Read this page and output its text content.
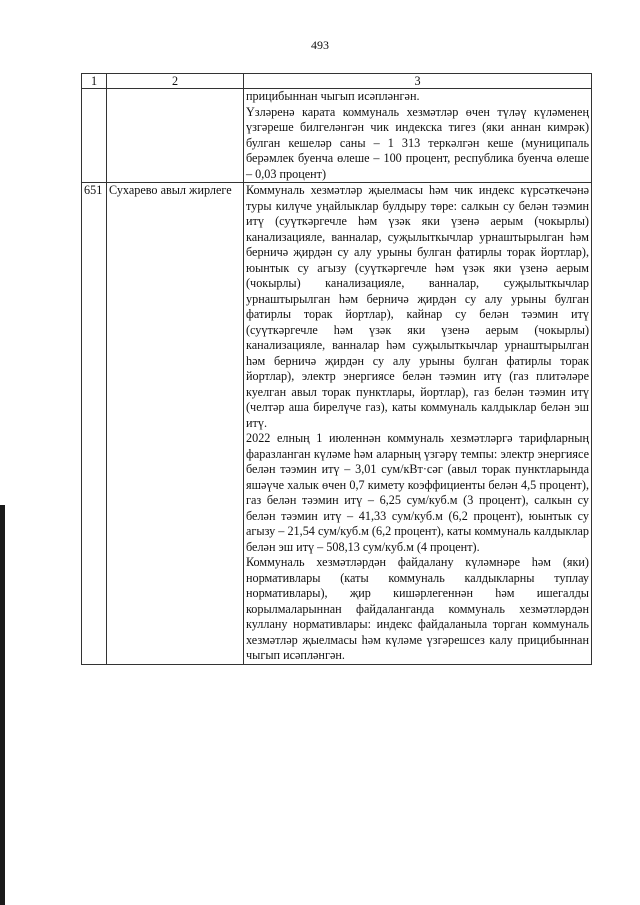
493
1	2	3

		прицибыннан чыгып исәпләнгән.

Үзләренә карата коммуналь хезмәтләр өчен түләү күләменең үзгәреше билгеләнгән чик индекска тигез (яки аннан кимрәк) булган кешеләр саны – 1 313 теркәлгән кеше (муниципаль берәмлек буенча өлеше – 100 процент, республика буенча өлеше – 0,03 процент)

651	Сухарево авыл жирлеге	Коммуналь хезмәтләр җыелмасы һәм чик индекс күрсәткечәнә туры килүче уңайлыклар булдыру төре: салкын су белән тәэмин итү (суүткәргечле һәм үзәк яки үзенә аерым (чокырлы) канализацияле, ванналар, суҗылыткычлар урнаштырылган һәм берничә җирдән су алу урыны булган фатирлы торак йортлар), юынтык су агызу (суүткәргечле һәм үзәк яки үзенә аерым (чокырлы) канализацияле, ванналар, суҗылыткычлар урнаштырылган һәм берничә җирдән су алу урыны булган фатирлы торак йортлар), кайнар су белән тәэмин итү (суүткәргечле һәм үзәк яки үзенә аерым (чокырлы) канализацияле, ванналар һәм суҗылыткычлар урнаштырылган һәм берничә җирдән су алу урыны булган фатирлы торак йортлар), электр энергиясе белән тәэмин итү (газ плитәләре куелган авыл торак пунктлары, йортлар), газ белән тәэмин итү (челтәр аша бирелүче газ), каты коммуналь калдыклар белән эш итү.

2022 елның 1 июленнән коммуналь хезмәтләргә тарифларның фаразланган күләме һәм аларның үзгәрү темпы: электр энергиясе белән тәэмин итү – 3,01 сум/кВт·сәг (авыл торак пунктларында яшәүче халык өчен 0,7 кимету коэффициенты белән 4,5 процент), газ белән тәэмин итү – 6,25 сум/куб.м (3 процент), салкын су белән тәэмин итү – 41,33 сум/куб.м (6,2 процент), юынтык су агызу – 21,54 сум/куб.м (6,2 процент), каты коммуналь калдыклар белән эш итү – 508,13 сум/куб.м (4 процент).

Коммуналь хезмәтләрдән файдалану күләмнәре һәм (яки) нормативлары (каты коммуналь калдыкларны туплау нормативлары), җир кишәрлегеннән һәм ишегалды корылмаларыннан файдаланганда коммуналь хезмәтләрдән куллану нормативлары: индекс файдаланыла торган коммуналь хезмәтләр җыелмасы һәм күләме үзгәрешсез калу прицибыннан чыгып исәпләнгән.
